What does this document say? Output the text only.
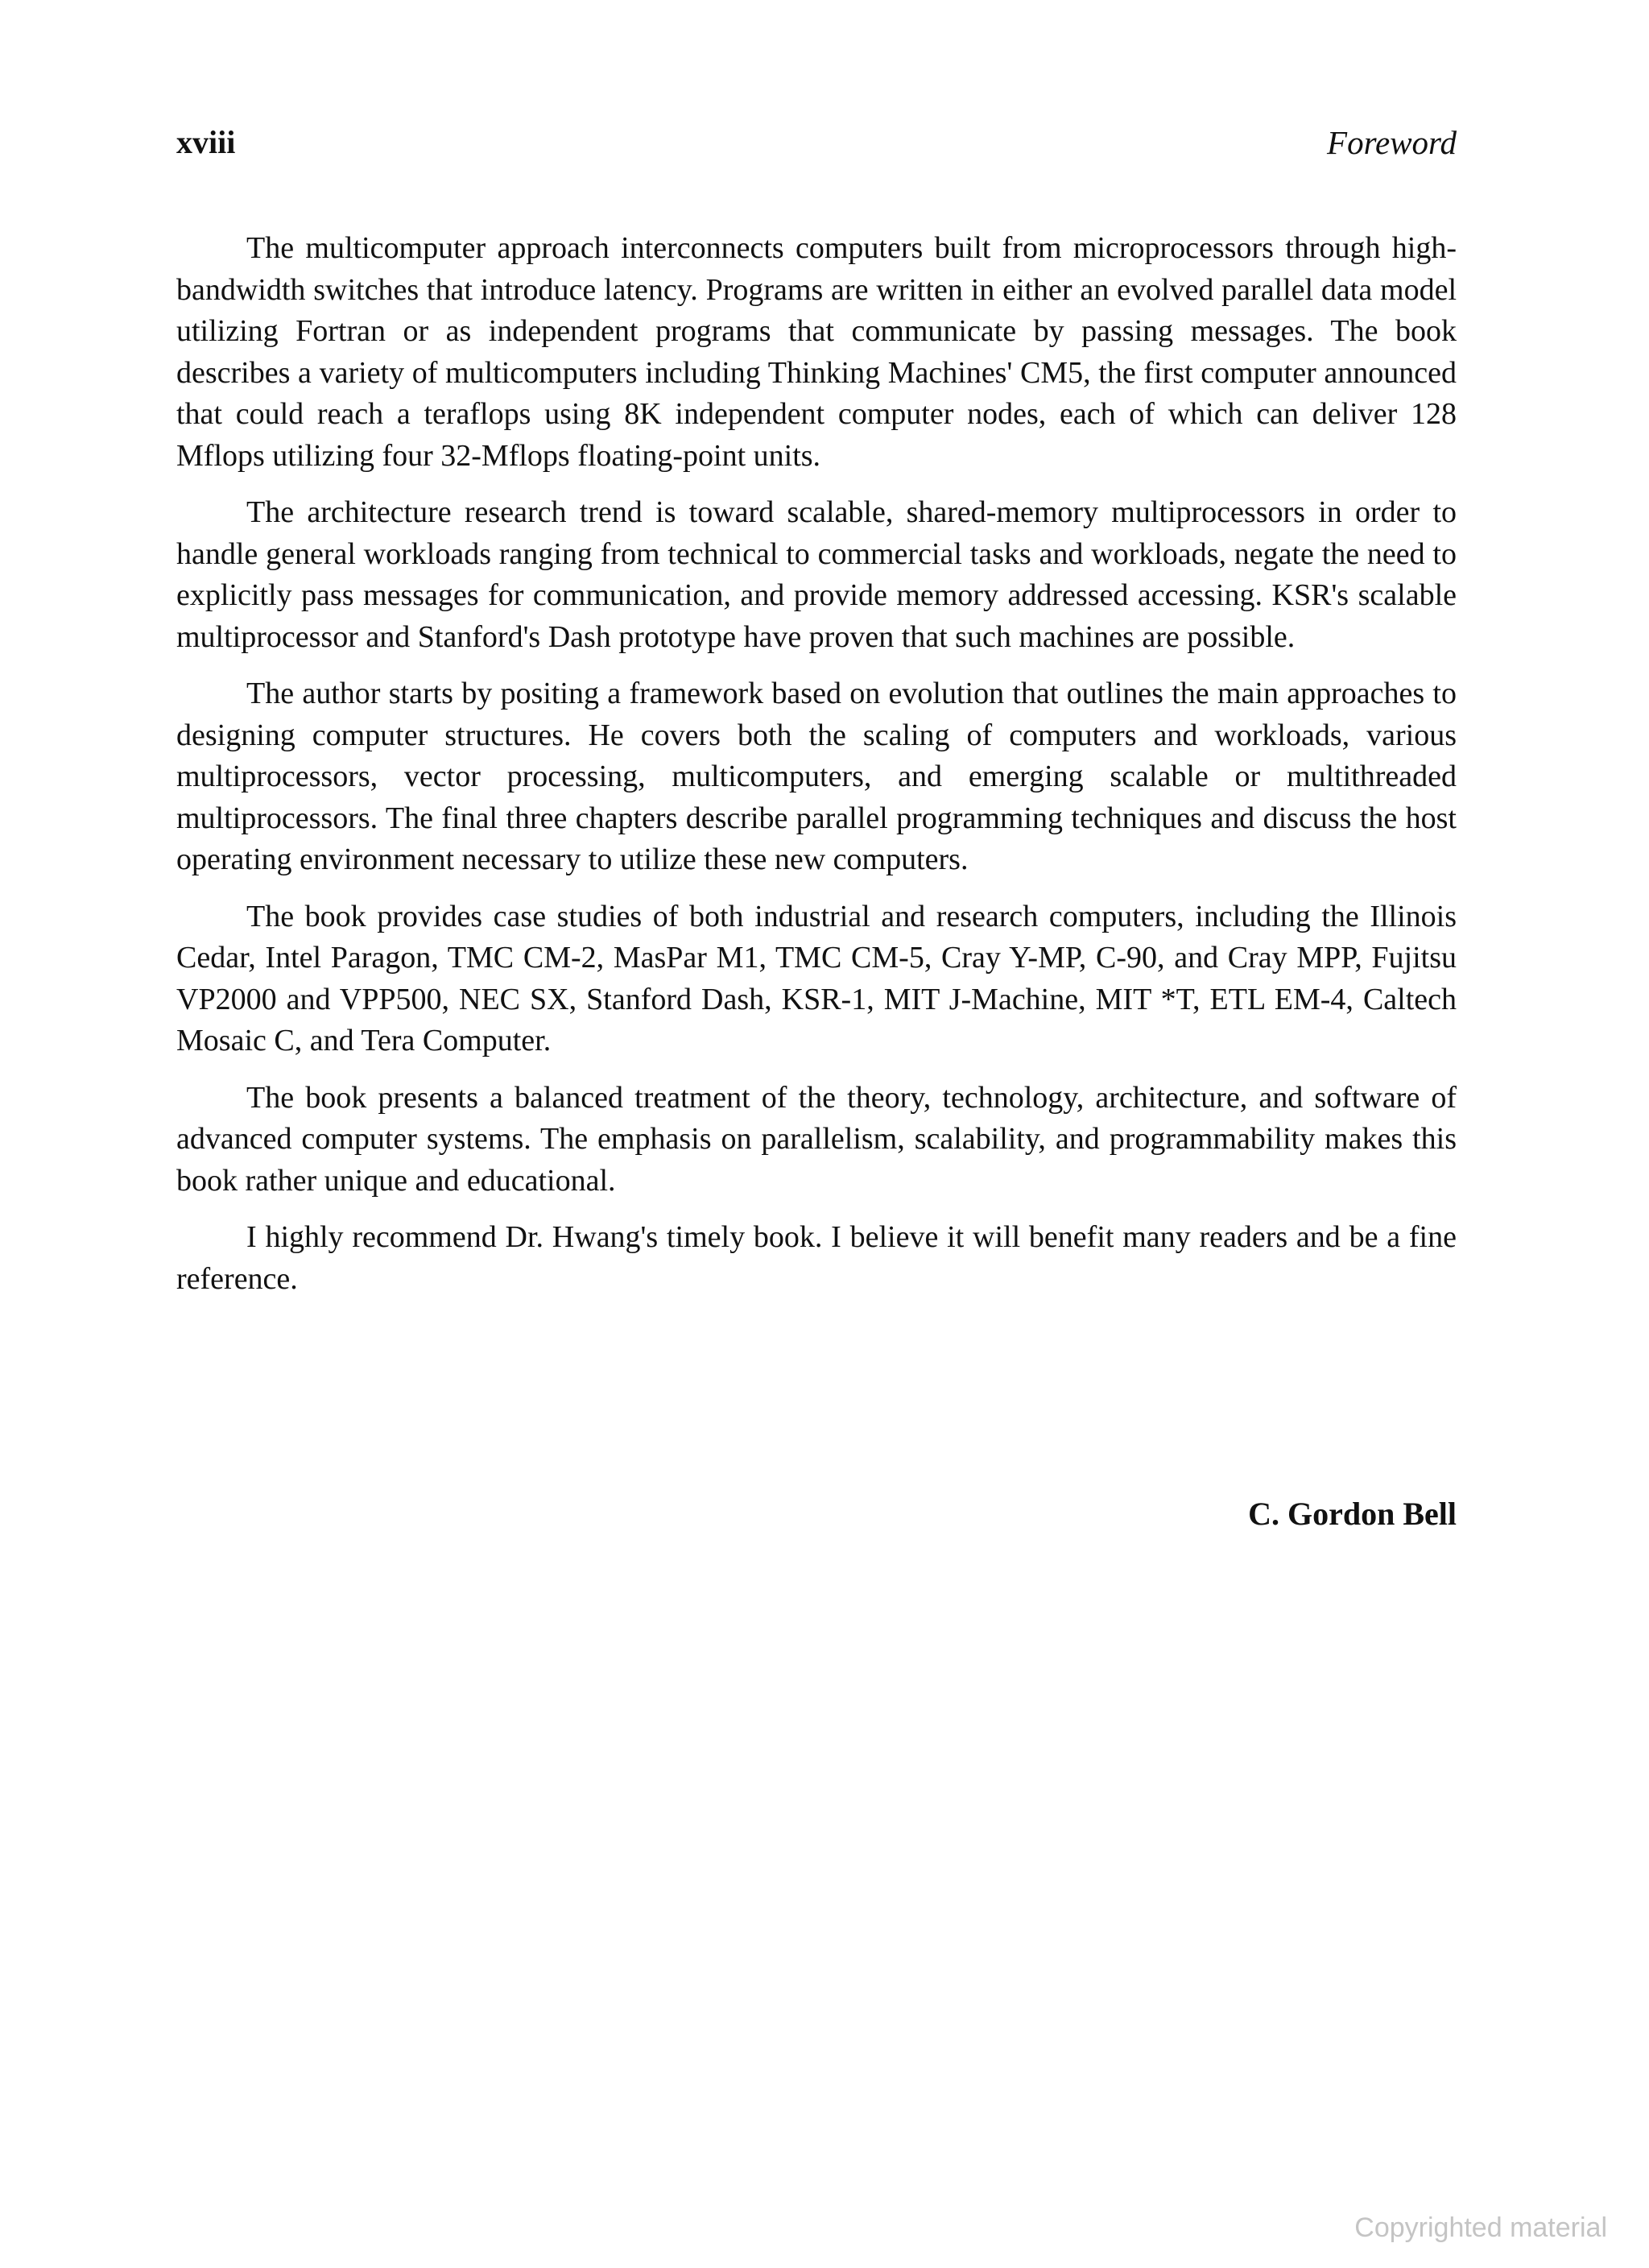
xviii	Foreword

The multicomputer approach interconnects computers built from microprocessors through high-bandwidth switches that introduce latency. Programs are written in either an evolved parallel data model utilizing Fortran or as independent programs that communicate by passing messages. The book describes a variety of multicomputers including Thinking Machines' CM5, the first computer announced that could reach a teraflops using 8K independent computer nodes, each of which can deliver 128 Mflops utilizing four 32-Mflops floating-point units.

The architecture research trend is toward scalable, shared-memory multiprocessors in order to handle general workloads ranging from technical to commercial tasks and workloads, negate the need to explicitly pass messages for communication, and provide memory addressed accessing. KSR's scalable multiprocessor and Stanford's Dash prototype have proven that such machines are possible.

The author starts by positing a framework based on evolution that outlines the main approaches to designing computer structures. He covers both the scaling of computers and workloads, various multiprocessors, vector processing, multicomputers, and emerging scalable or multithreaded multiprocessors. The final three chapters describe parallel programming techniques and discuss the host operating environment necessary to utilize these new computers.

The book provides case studies of both industrial and research computers, including the Illinois Cedar, Intel Paragon, TMC CM-2, MasPar M1, TMC CM-5, Cray Y-MP, C-90, and Cray MPP, Fujitsu VP2000 and VPP500, NEC SX, Stanford Dash, KSR-1, MIT J-Machine, MIT *T, ETL EM-4, Caltech Mosaic C, and Tera Computer.

The book presents a balanced treatment of the theory, technology, architecture, and software of advanced computer systems. The emphasis on parallelism, scalability, and programmability makes this book rather unique and educational.

I highly recommend Dr. Hwang's timely book. I believe it will benefit many readers and be a fine reference.

C. Gordon Bell
Copyrighted material
